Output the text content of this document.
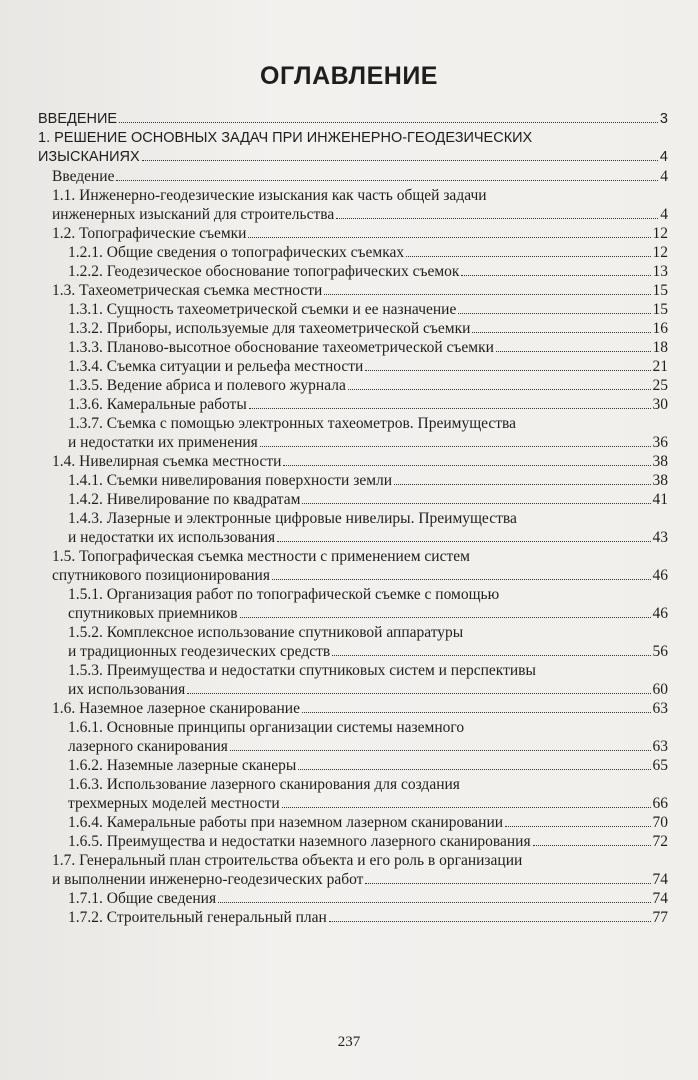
ОГЛАВЛЕНИЕ
ВВЕДЕНИЕ	3
1. РЕШЕНИЕ ОСНОВНЫХ ЗАДАЧ ПРИ ИНЖЕНЕРНО-ГЕОДЕЗИЧЕСКИХ
ИЗЫСКАНИЯХ	4
Введение	4
1.1. Инженерно-геодезические изыскания как часть общей задачи
инженерных изысканий для строительства	4
1.2. Топографические съемки	12
1.2.1. Общие сведения о топографических съемках	12
1.2.2. Геодезическое обоснование топографических съемок	13
1.3. Тахеометрическая съемка местности	15
1.3.1. Сущность тахеометрической съемки и ее назначение	15
1.3.2. Приборы, используемые для тахеометрической съемки	16
1.3.3. Планово-высотное обоснование тахеометрической съемки	18
1.3.4. Съемка ситуации и рельефа местности	21
1.3.5. Ведение абриса и полевого журнала	25
1.3.6. Камеральные работы	30
1.3.7. Съемка с помощью электронных тахеометров. Преимущества
и недостатки их применения	36
1.4. Нивелирная съемка местности	38
1.4.1. Съемки нивелирования поверхности земли	38
1.4.2. Нивелирование по квадратам	41
1.4.3. Лазерные и электронные цифровые нивелиры. Преимущества
и недостатки их использования	43
1.5. Топографическая съемка местности с применением систем
спутникового позиционирования	46
1.5.1. Организация работ по топографической съемке с помощью
спутниковых приемников	46
1.5.2. Комплексное использование спутниковой аппаратуры
и традиционных геодезических средств	56
1.5.3. Преимущества и недостатки спутниковых систем и перспективы
их использования	60
1.6. Наземное лазерное сканирование	63
1.6.1. Основные принципы организации системы наземного
лазерного сканирования	63
1.6.2. Наземные лазерные сканеры	65
1.6.3. Использование лазерного сканирования для создания
трехмерных моделей местности	66
1.6.4. Камеральные работы при наземном лазерном сканировании	70
1.6.5. Преимущества и недостатки наземного лазерного сканирования	72
1.7. Генеральный план строительства объекта и его роль в организации
и выполнении инженерно-геодезических работ	74
1.7.1. Общие сведения	74
1.7.2. Строительный генеральный план	77
237
